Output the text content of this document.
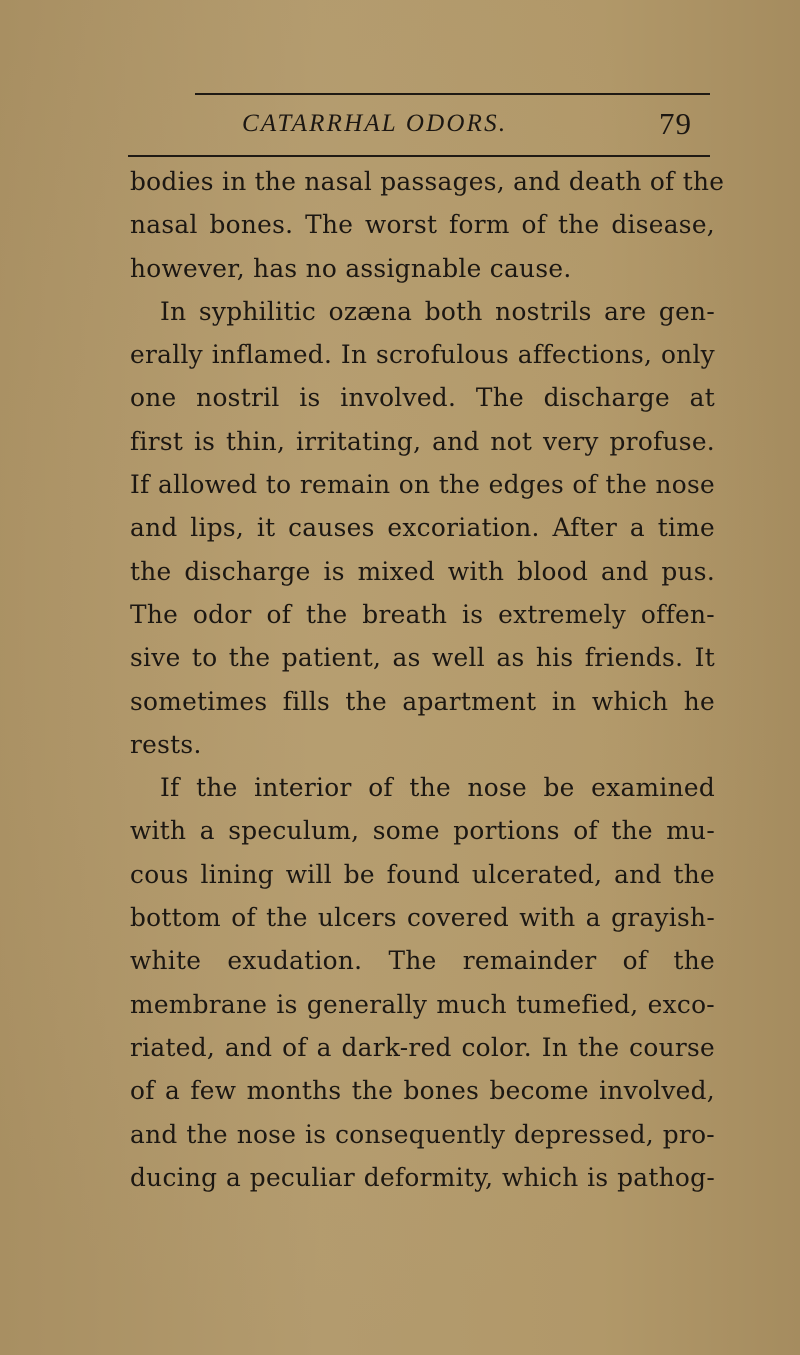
CATARRHAL ODORS.	79
bodies in the nasal passages, and death of the
nasal bones. The worst form of the disease,
however, has no assignable cause.
In syphilitic ozæna both nostrils are gen-
erally inflamed. In scrofulous affections, only
one nostril is involved. The discharge at
first is thin, irritating, and not very profuse.
If allowed to remain on the edges of the nose
and lips, it causes excoriation. After a time
the discharge is mixed with blood and pus.
The odor of the breath is extremely offen-
sive to the patient, as well as his friends. It
sometimes fills the apartment in which he
rests.
If the interior of the nose be examined
with a speculum, some portions of the mu-
cous lining will be found ulcerated, and the
bottom of the ulcers covered with a grayish-
white exudation. The remainder of the
membrane is generally much tumefied, exco-
riated, and of a dark-red color. In the course
of a few months the bones become involved,
and the nose is consequently depressed, pro-
ducing a peculiar deformity, which is pathog-
